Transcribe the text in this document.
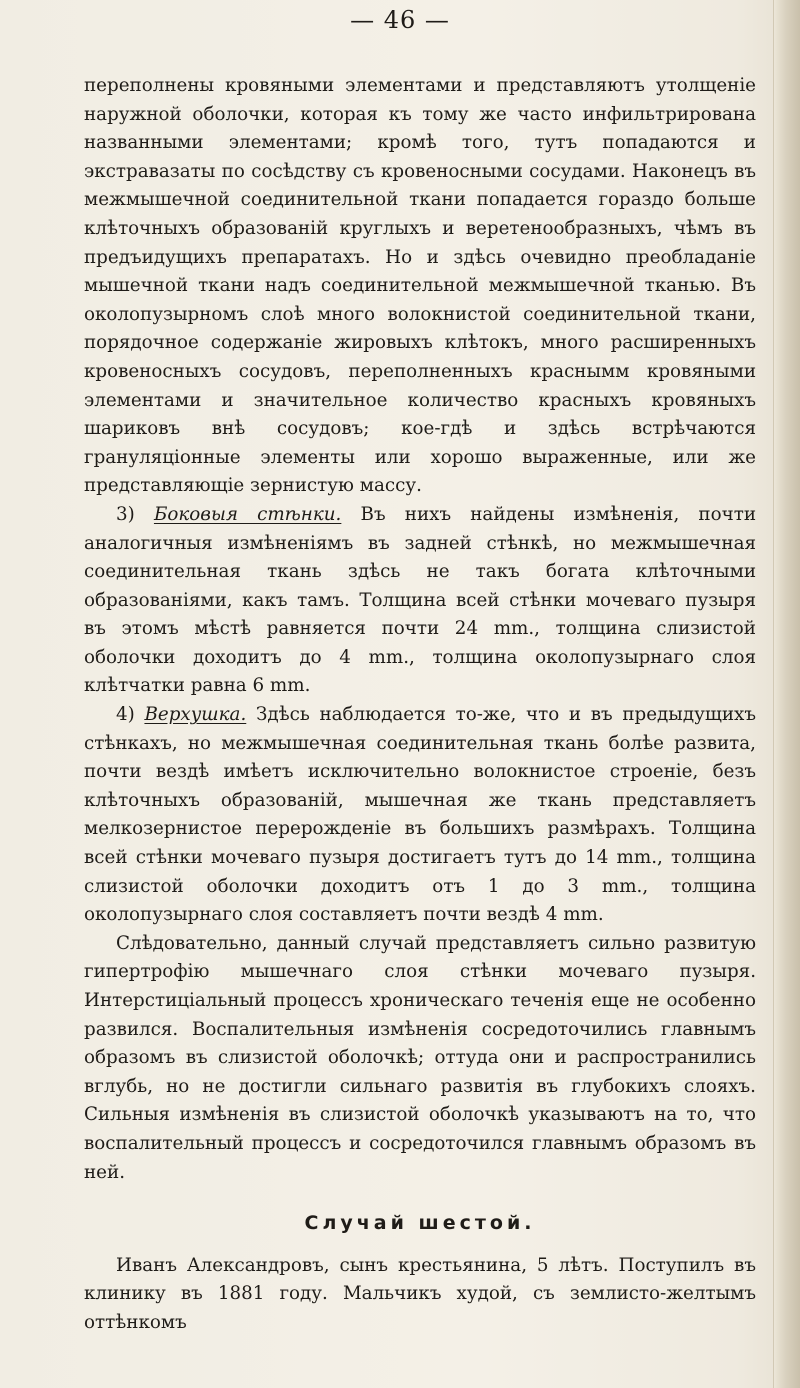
— 46 —

переполнены кровяными элементами и представляютъ утолщеніе наружной оболочки, которая къ тому же часто инфильтрирована названными элементами; кромѣ того, тутъ попадаются и экстравазаты по сосѣдству съ кровеносными сосудами. Наконецъ въ межмышечной соединительной ткани попадается гораздо больше клѣточныхъ образованій круглыхъ и веретенообразныхъ, чѣмъ въ предъидущихъ препаратахъ. Но и здѣсь очевидно преобладаніе мышечной ткани надъ соединительной межмышечной тканью. Въ околопузырномъ слоѣ много волокнистой соединительной ткани, порядочное содержаніе жировыхъ клѣтокъ, много расширенныхъ кровеносныхъ сосудовъ, переполненныхъ краснымм кровяными элементами и значительное количество красныхъ кровяныхъ шариковъ внѣ сосудовъ; кое-гдѣ и здѣсь встрѣчаются грануляціонные элементы или хорошо выраженные, или же представляющіе зернистую массу.

3) Боковыя стѣнки. Въ нихъ найдены измѣненія, почти аналогичныя измѣненіямъ въ задней стѣнкѣ, но межмышечная соединительная ткань здѣсь не такъ богата клѣточными образованіями, какъ тамъ. Толщина всей стѣнки мочеваго пузыря въ этомъ мѣстѣ равняется почти 24 mm., толщина слизистой оболочки доходитъ до 4 mm., толщина околопузырнаго слоя клѣтчатки равна 6 mm.

4) Верхушка. Здѣсь наблюдается то-же, что и въ предыдущихъ стѣнкахъ, но межмышечная соединительная ткань болѣе развита, почти вездѣ имѣетъ исключительно волокнистое строеніе, безъ клѣточныхъ образованій, мышечная же ткань представляетъ мелкозернистое перерожденіе въ большихъ размѣрахъ. Толщина всей стѣнки мочеваго пузыря достигаетъ тутъ до 14 mm., толщина слизистой оболочки доходитъ отъ 1 до 3 mm., толщина околопузырнаго слоя составляетъ почти вездѣ 4 mm.

Слѣдовательно, данный случай представляетъ сильно развитую гипертрофію мышечнаго слоя стѣнки мочеваго пузыря. Интерстиціальный процессъ хроническаго теченія еще не особенно развился. Воспалительныя измѣненія сосредоточились главнымъ образомъ въ слизистой оболочкѣ; оттуда они и распространились вглубь, но не достигли сильнаго развитія въ глубокихъ слояхъ. Сильныя измѣненія въ слизистой оболочкѣ указываютъ на то, что воспалительный процессъ и сосредоточился главнымъ образомъ въ ней.

Случай шестой.

Иванъ Александровъ, сынъ крестьянина, 5 лѣтъ. Поступилъ въ клинику въ 1881 году. Мальчикъ худой, съ землисто-желтымъ оттѣнкомъ
